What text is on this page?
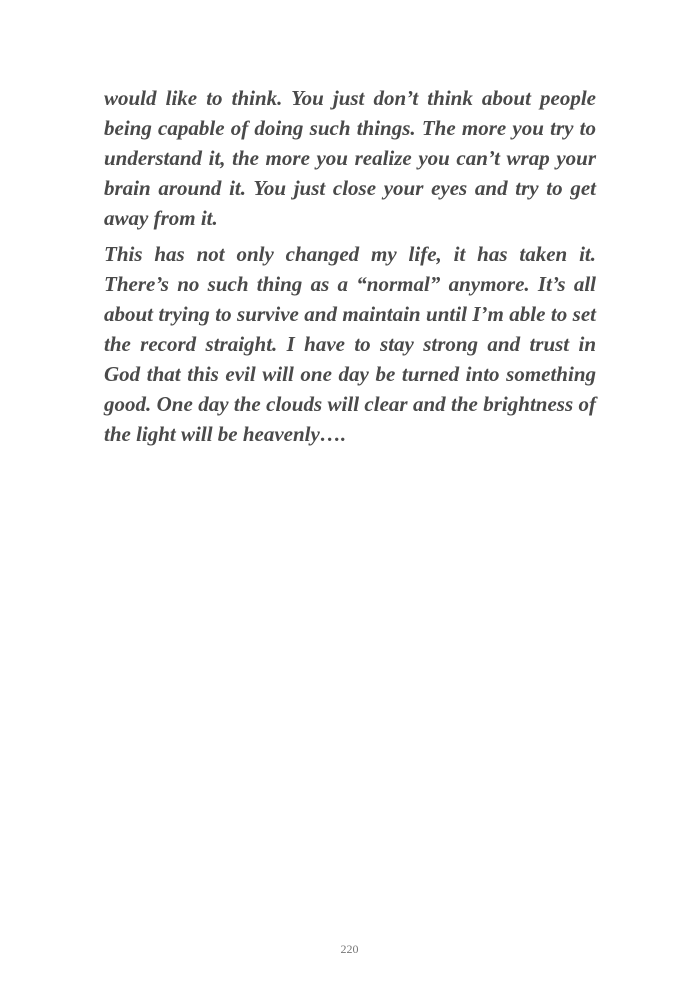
would like to think. You just don’t think about people being capable of doing such things. The more you try to understand it, the more you realize you can’t wrap your brain around it. You just close your eyes and try to get away from it.

This has not only changed my life, it has taken it. There’s no such thing as a “normal” anymore. It’s all about trying to survive and maintain until I’m able to set the record straight. I have to stay strong and trust in God that this evil will one day be turned into something good. One day the clouds will clear and the brightness of the light will be heavenly….

220
